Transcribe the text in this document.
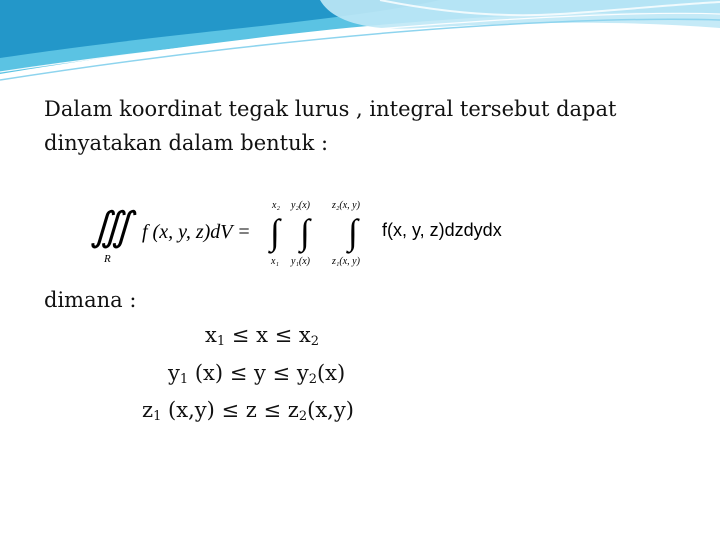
Dalam koordinat tegak lurus , integral tersebut dapat
dinyatakan dalam bentuk :
∭
R
f (x, y, z)dV =
x₂
∫
x₁
y₂(x)
∫
y₁(x)
z₂(x, y)
∫
z₁(x, y)
f(x, y, z)dzdydx
dimana :
$x_1 \le x \le x_2$
$y_1$ $(x) \le y \le y_2(x)$
$z_1$ $(x,y) \le z \le z_2(x,y)$
